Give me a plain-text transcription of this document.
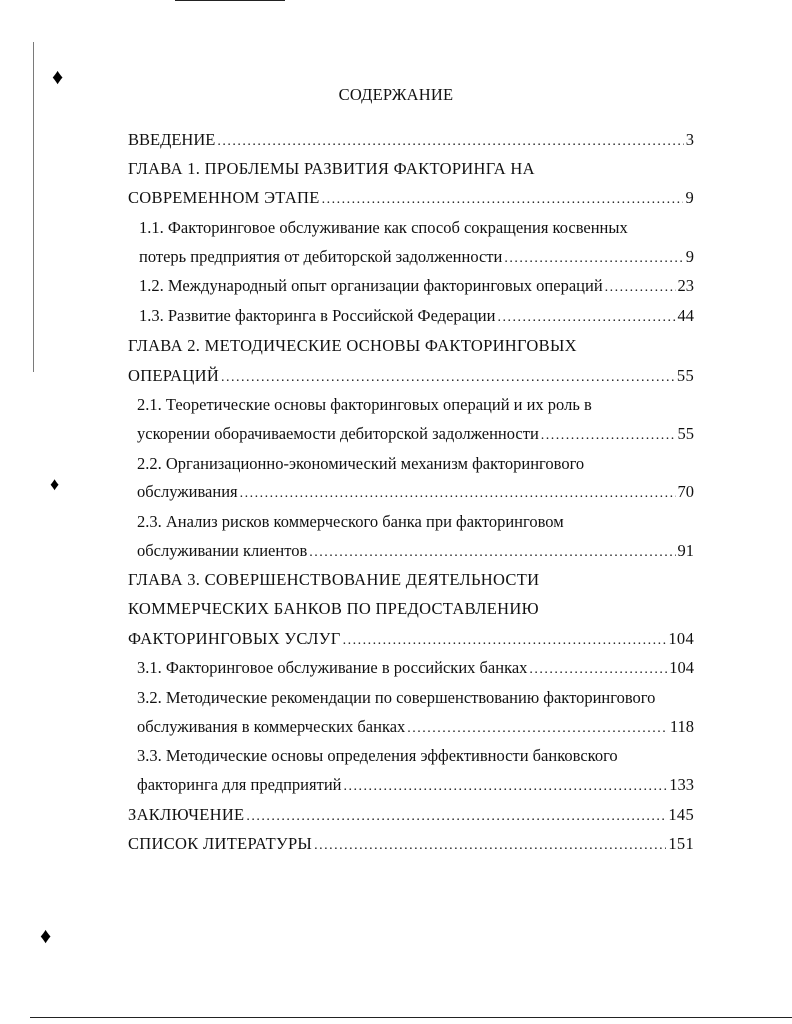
♦
♦
♦
СОДЕРЖАНИЕ
ВВЕДЕНИЕ .....	3
ГЛАВА 1. ПРОБЛЕМЫ РАЗВИТИЯ ФАКТОРИНГА НА
СОВРЕМЕННОМ ЭТАПЕ .....	9
1.1. Факторинговое обслуживание как способ сокращения косвенных
потерь предприятия от дебиторской задолженности .....	9
1.2. Международный опыт организации факторинговых операций .....	23
1.3. Развитие факторинга в Российской Федерации .....	44
ГЛАВА 2. МЕТОДИЧЕСКИЕ ОСНОВЫ ФАКТОРИНГОВЫХ
ОПЕРАЦИЙ .....	55
2.1. Теоретические основы факторинговых операций и их роль в
ускорении оборачиваемости дебиторской задолженности .....	55
2.2. Организационно-экономический механизм факторингового
обслуживания .....	70
2.3. Анализ рисков коммерческого банка при факторинговом
обслуживании клиентов .....	91
ГЛАВА 3. СОВЕРШЕНСТВОВАНИЕ ДЕЯТЕЛЬНОСТИ
КОММЕРЧЕСКИХ БАНКОВ ПО ПРЕДОСТАВЛЕНИЮ
ФАКТОРИНГОВЫХ УСЛУГ .....	104
3.1. Факторинговое обслуживание в российских банках .....	104
3.2. Методические рекомендации по совершенствованию факторингового
обслуживания в коммерческих банках .....	118
3.3. Методические основы определения эффективности банковского
факторинга для предприятий .....	133
ЗАКЛЮЧЕНИЕ .....	145
СПИСОК ЛИТЕРАТУРЫ .....	151
